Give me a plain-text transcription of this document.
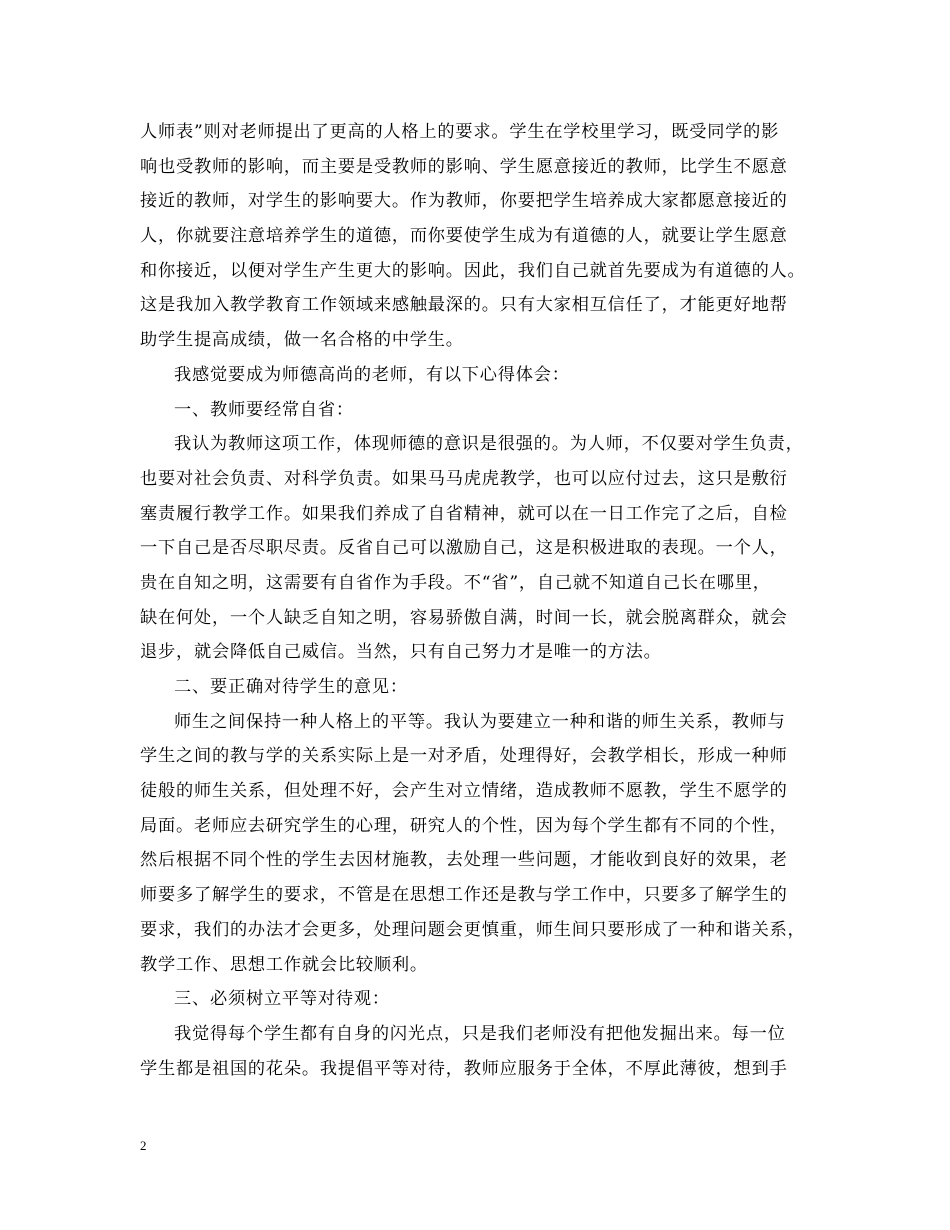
人师表”则对老师提出了更高的人格上的要求。学生在学校里学习，既受同学的影
响也受教师的影响，而主要是受教师的影响、学生愿意接近的教师，比学生不愿意
接近的教师，对学生的影响要大。作为教师，你要把学生培养成大家都愿意接近的
人，你就要注意培养学生的道德，而你要使学生成为有道德的人，就要让学生愿意
和你接近，以便对学生产生更大的影响。因此，我们自己就首先要成为有道德的人。
这是我加入教学教育工作领域来感触最深的。只有大家相互信任了，才能更好地帮
助学生提高成绩，做一名合格的中学生。
我感觉要成为师德高尚的老师，有以下心得体会：
一、教师要经常自省：
我认为教师这项工作，体现师德的意识是很强的。为人师，不仅要对学生负责，
也要对社会负责、对科学负责。如果马马虎虎教学，也可以应付过去，这只是敷衍
塞责履行教学工作。如果我们养成了自省精神，就可以在一日工作完了之后，自检
一下自己是否尽职尽责。反省自己可以激励自己，这是积极进取的表现。一个人，
贵在自知之明，这需要有自省作为手段。不“省”，自己就不知道自己长在哪里，
缺在何处，一个人缺乏自知之明，容易骄傲自满，时间一长，就会脱离群众，就会
退步，就会降低自己威信。当然，只有自己努力才是唯一的方法。
二、要正确对待学生的意见：
师生之间保持一种人格上的平等。我认为要建立一种和谐的师生关系，教师与
学生之间的教与学的关系实际上是一对矛盾，处理得好，会教学相长，形成一种师
徒般的师生关系，但处理不好，会产生对立情绪，造成教师不愿教，学生不愿学的
局面。老师应去研究学生的心理，研究人的个性，因为每个学生都有不同的个性，
然后根据不同个性的学生去因材施教，去处理一些问题，才能收到良好的效果，老
师要多了解学生的要求，不管是在思想工作还是教与学工作中，只要多了解学生的
要求，我们的办法才会更多，处理问题会更慎重，师生间只要形成了一种和谐关系，
教学工作、思想工作就会比较顺利。
三、必须树立平等对待观：
我觉得每个学生都有自身的闪光点，只是我们老师没有把他发掘出来。每一位
学生都是祖国的花朵。我提倡平等对待，教师应服务于全体，不厚此薄彼，想到手
2
